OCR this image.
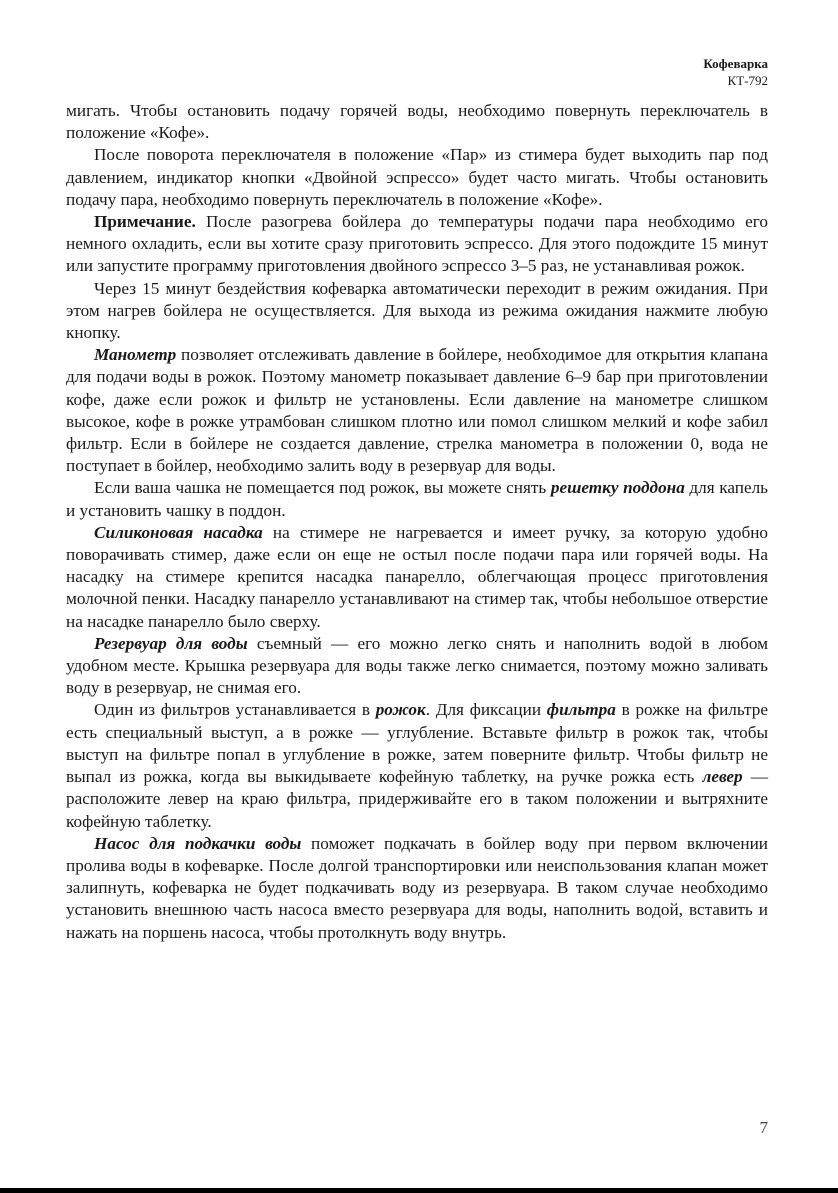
Кофеварка
КТ-792

мигать. Чтобы остановить подачу горячей воды, необходимо повернуть переключатель в положение «Кофе».

После поворота переключателя в положение «Пар» из стимера будет выходить пар под давлением, индикатор кнопки «Двойной эспрессо» будет часто мигать. Чтобы остановить подачу пара, необходимо повернуть переключатель в положение «Кофе».

Примечание. После разогрева бойлера до температуры подачи пара необходимо его немного охладить, если вы хотите сразу приготовить эспрессо. Для этого подождите 15 минут или запустите программу приготовления двойного эспрессо 3–5 раз, не устанавливая рожок.

Через 15 минут бездействия кофеварка автоматически переходит в режим ожидания. При этом нагрев бойлера не осуществляется. Для выхода из режима ожидания нажмите любую кнопку.

Манометр позволяет отслеживать давление в бойлере, необходимое для открытия клапана для подачи воды в рожок. Поэтому манометр показывает давление 6–9 бар при приготовлении кофе, даже если рожок и фильтр не установлены. Если давление на манометре слишком высокое, кофе в рожке утрамбован слишком плотно или помол слишком мелкий и кофе забил фильтр. Если в бойлере не создается давление, стрелка манометра в положении 0, вода не поступает в бойлер, необходимо залить воду в резервуар для воды.

Если ваша чашка не помещается под рожок, вы можете снять решетку поддона для капель и установить чашку в поддон.

Силиконовая насадка на стимере не нагревается и имеет ручку, за которую удобно поворачивать стимер, даже если он еще не остыл после подачи пара или горячей воды. На насадку на стимере крепится насадка панарелло, облегчающая процесс приготовления молочной пенки. Насадку панарелло устанавливают на стимер так, чтобы небольшое отверстие на насадке панарелло было сверху.

Резервуар для воды съемный — его можно легко снять и наполнить водой в любом удобном месте. Крышка резервуара для воды также легко снимается, поэтому можно заливать воду в резервуар, не снимая его.

Один из фильтров устанавливается в рожок. Для фиксации фильтра в рожке на фильтре есть специальный выступ, а в рожке — углубление. Вставьте фильтр в рожок так, чтобы выступ на фильтре попал в углубление в рожке, затем поверните фильтр. Чтобы фильтр не выпал из рожка, когда вы выкидываете кофейную таблетку, на ручке рожка есть левер — расположите левер на краю фильтра, придерживайте его в таком положении и вытряхните кофейную таблетку.

Насос для подкачки воды поможет подкачать в бойлер воду при первом включении пролива воды в кофеварке. После долгой транспортировки или неиспользования клапан может залипнуть, кофеварка не будет подкачивать воду из резервуара. В таком случае необходимо установить внешнюю часть насоса вместо резервуара для воды, наполнить водой, вставить и нажать на поршень насоса, чтобы протолкнуть воду внутрь.

7
